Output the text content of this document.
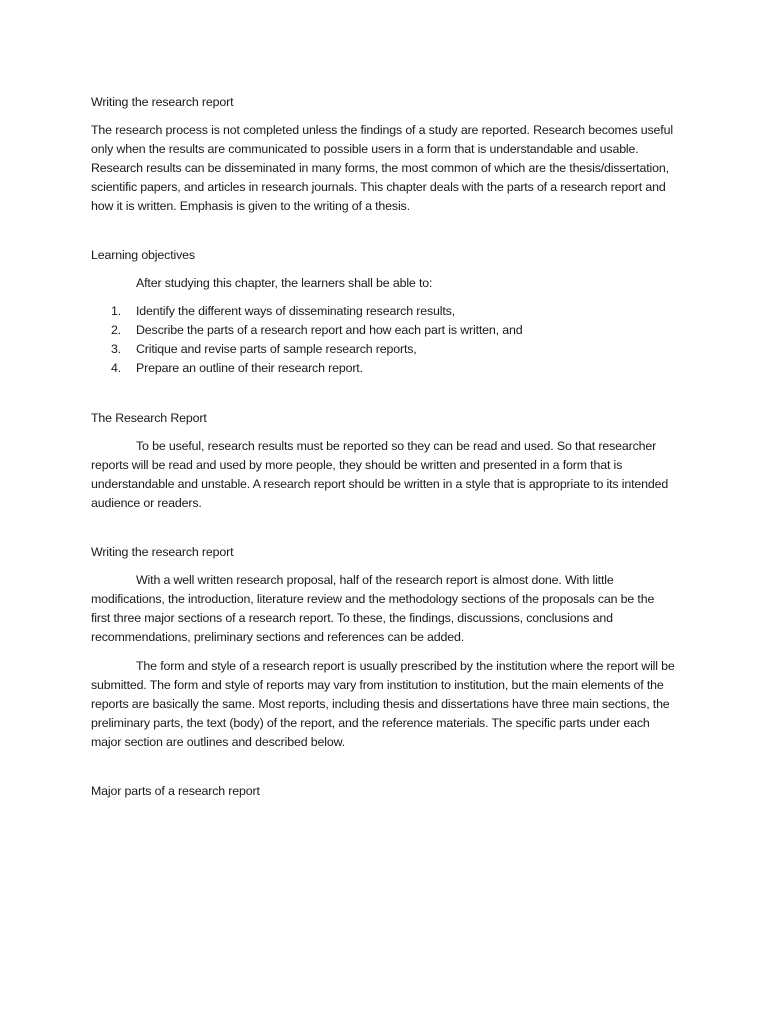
Writing the research report

The research process is not completed unless the findings of a study are reported. Research becomes useful only when the results are communicated to possible users in a form that is understandable and usable. Research results can be disseminated in many forms, the most common of which are the thesis/dissertation, scientific papers, and articles in research journals. This chapter deals with the parts of a research report and how it is written. Emphasis is given to the writing of a thesis.

Learning objectives

After studying this chapter, the learners shall be able to:

1. Identify the different ways of disseminating research results,
2. Describe the parts of a research report and how each part is written, and
3. Critique and revise parts of sample research reports,
4. Prepare an outline of their research report.

The Research Report

To be useful, research results must be reported so they can be read and used. So that researcher reports will be read and used by more people, they should be written and presented in a form that is understandable and unstable. A research report should be written in a style that is appropriate to its intended audience or readers.

Writing the research report

With a well written research proposal, half of the research report is almost done. With little modifications, the introduction, literature review and the methodology sections of the proposals can be the first three major sections of a research report. To these, the findings, discussions, conclusions and recommendations, preliminary sections and references can be added.

The form and style of a research report is usually prescribed by the institution where the report will be submitted. The form and style of reports may vary from institution to institution, but the main elements of the reports are basically the same. Most reports, including thesis and dissertations have three main sections, the preliminary parts, the text (body) of the report, and the reference materials. The specific parts under each major section are outlines and described below.

Major parts of a research report
